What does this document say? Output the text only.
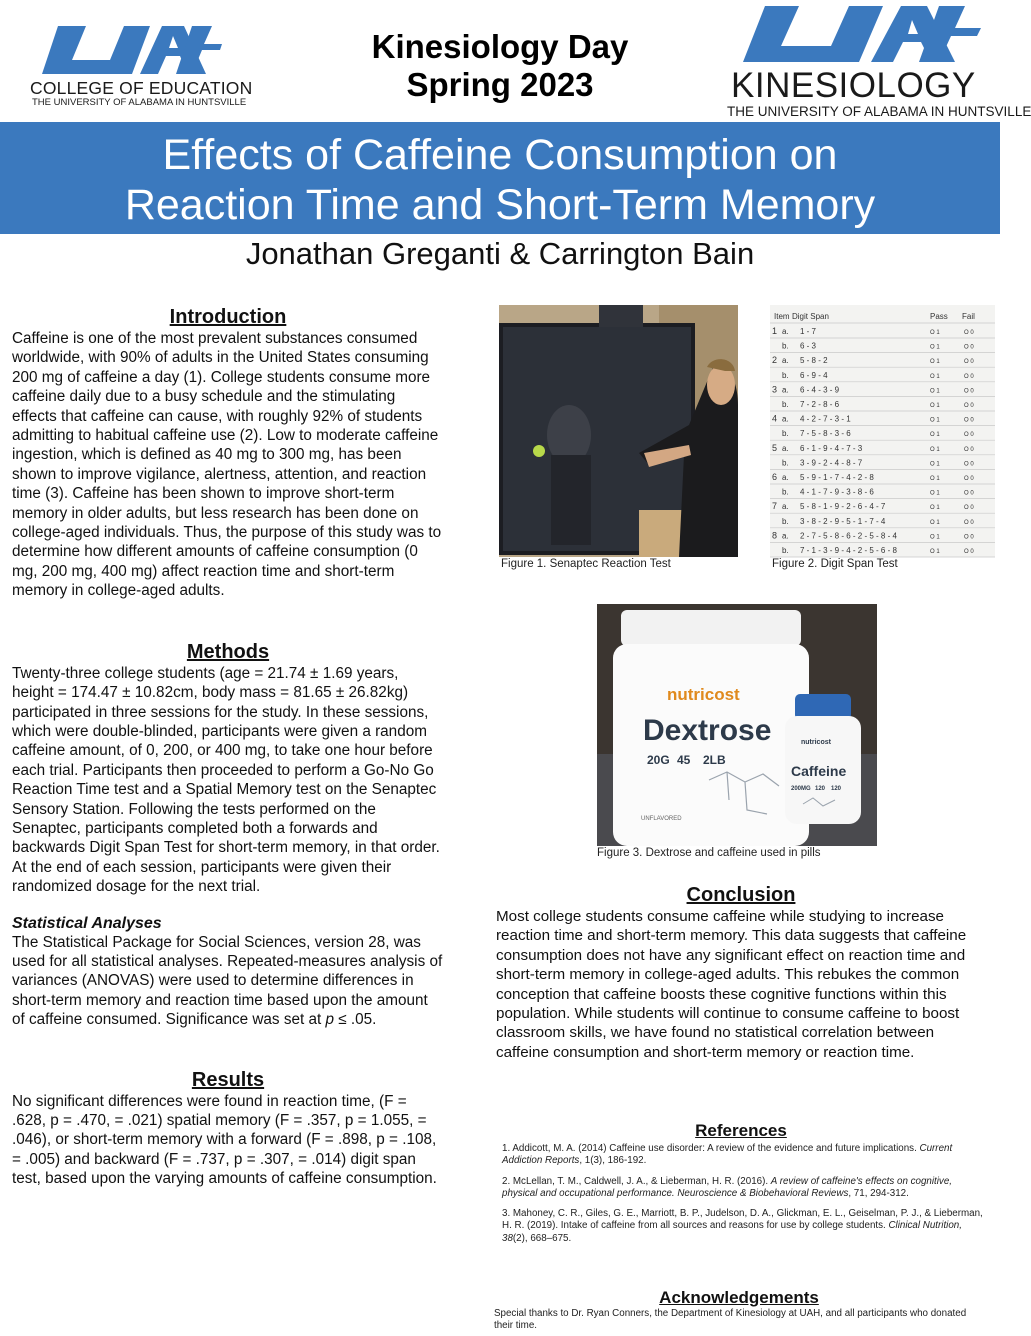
COLLEGE OF EDUCATION
THE UNIVERSITY OF ALABAMA IN HUNTSVILLE
Kinesiology Day
Spring 2023	KINESIOLOGY
THE UNIVERSITY OF ALABAMA IN HUNTSVILLE
Effects of Caffeine Consumption on
Reaction Time and Short-Term Memory
Jonathan Greganti & Carrington Bain
Introduction

Caffeine is one of the most prevalent substances consumed worldwide, with 90% of adults in the United States consuming 200 mg of caffeine a day (1). College students consume more caffeine daily due to a busy schedule and the stimulating effects that caffeine can cause, with roughly 92% of students admitting to habitual caffeine use (2). Low to moderate caffeine ingestion, which is defined as 40 mg to 300 mg, has been shown to improve vigilance, alertness, attention, and reaction time (3). Caffeine has been shown to improve short-term memory in older adults, but less research has been done on college-aged individuals. Thus, the purpose of this study was to determine how different amounts of caffeine consumption (0 mg, 200 mg, 400 mg) affect reaction time and short-term memory in college-aged adults.

Methods

Twenty-three college students (age = 21.74 ± 1.69 years, height = 174.47 ± 10.82cm, body mass = 81.65 ± 26.82kg) participated in three sessions for the study. In these sessions, which were double-blinded, participants were given a random caffeine amount, of 0, 200, or 400 mg, to take one hour before each trial. Participants then proceeded to perform a Go-No Go Reaction Time test and a Spatial Memory test on the Senaptec Sensory Station. Following the tests performed on the Senaptec, participants completed both a forwards and backwards Digit Span Test for short-term memory, in that order. At the end of each session, participants were given their randomized dosage for the next trial.

Statistical Analyses

The Statistical Package for Social Sciences, version 28, was used for all statistical analyses. Repeated-measures analysis of variances (ANOVAS) were used to determine differences in short-term memory and reaction time based upon the amount of caffeine consumed. Significance was set at p ≤ .05.

Results

No significant differences were found in reaction time, (F = .628, p = .470, = .021) spatial memory (F = .357, p = 1.055, = .046), or short-term memory with a forward (F = .898, p = .108, = .005) and backward (F = .737, p = .307, = .014) digit span test, based upon the varying amounts of caffeine consumption.

Figure 1. Senaptec Reaction Test
Item Digit Span	Pass Fail
1 a. 1 - 7	O 1	O 0
b. 6 - 3	O 1	O 0
2 a. 5 - 8 - 2	O 1	O 0
b. 6 - 9 - 4	O 1	O 0
3 a. 6 - 4 - 3 - 9	O 1	O 0
b. 7 - 2 - 8 - 6	O 1	O 0
4 a. 4 - 2 - 7 - 3 - 1	O 1	O 0
b. 7 - 5 - 8 - 3 - 6	O 1	O 0
5 a. 6 - 1 - 9 - 4 - 7 - 3	O 1	O 0
b. 3 - 9 - 2 - 4 - 8 - 7	O 1	O 0
6 a. 5 - 9 - 1 - 7 - 4 - 2 - 8	O 1	O 0
b. 4 - 1 - 7 - 9 - 3 - 8 - 6	O 1	O 0
7 a. 5 - 8 - 1 - 9 - 2 - 6 - 4 - 7	O 1	O 0
b. 3 - 8 - 2 - 9 - 5 - 1 - 7 - 4	O 1	O 0
8 a. 2 - 7 - 5 - 8 - 6 - 2 - 5 - 8 - 4	O 1	O 0
b. 7 - 1 - 3 - 9 - 4 - 2 - 5 - 6 - 8	O 1	O 0
Figure 2. Digit Span Test
nutricost
Dextrose
20G 45 2LB
UNFLAVORED
nutricost
Caffeine
200MG 120 120
Figure 3. Dextrose and caffeine used in pills
Conclusion

Most college students consume caffeine while studying to increase reaction time and short-term memory. This data suggests that caffeine consumption does not have any significant effect on reaction time and short-term memory in college-aged adults. This rebukes the common conception that caffeine boosts these cognitive functions within this population. While students will continue to consume caffeine to boost classroom skills, we have found no statistical correlation between caffeine consumption and short-term memory or reaction time.

References
1. Addicott, M. A. (2014) Caffeine use disorder: A review of the evidence and future implications. Current Addiction Reports, 1(3), 186-192.
2. McLellan, T. M., Caldwell, J. A., & Lieberman, H. R. (2016). A review of caffeine's effects on cognitive, physical and occupational performance. Neuroscience & Biobehavioral Reviews, 71, 294-312.
3. Mahoney, C. R., Giles, G. E., Marriott, B. P., Judelson, D. A., Glickman, E. L., Geiselman, P. J., & Lieberman, H. R. (2019). Intake of caffeine from all sources and reasons for use by college students. Clinical Nutrition, 38(2), 668–675.
Acknowledgements

Special thanks to Dr. Ryan Conners, the Department of Kinesiology at UAH, and all participants who donated their time.
